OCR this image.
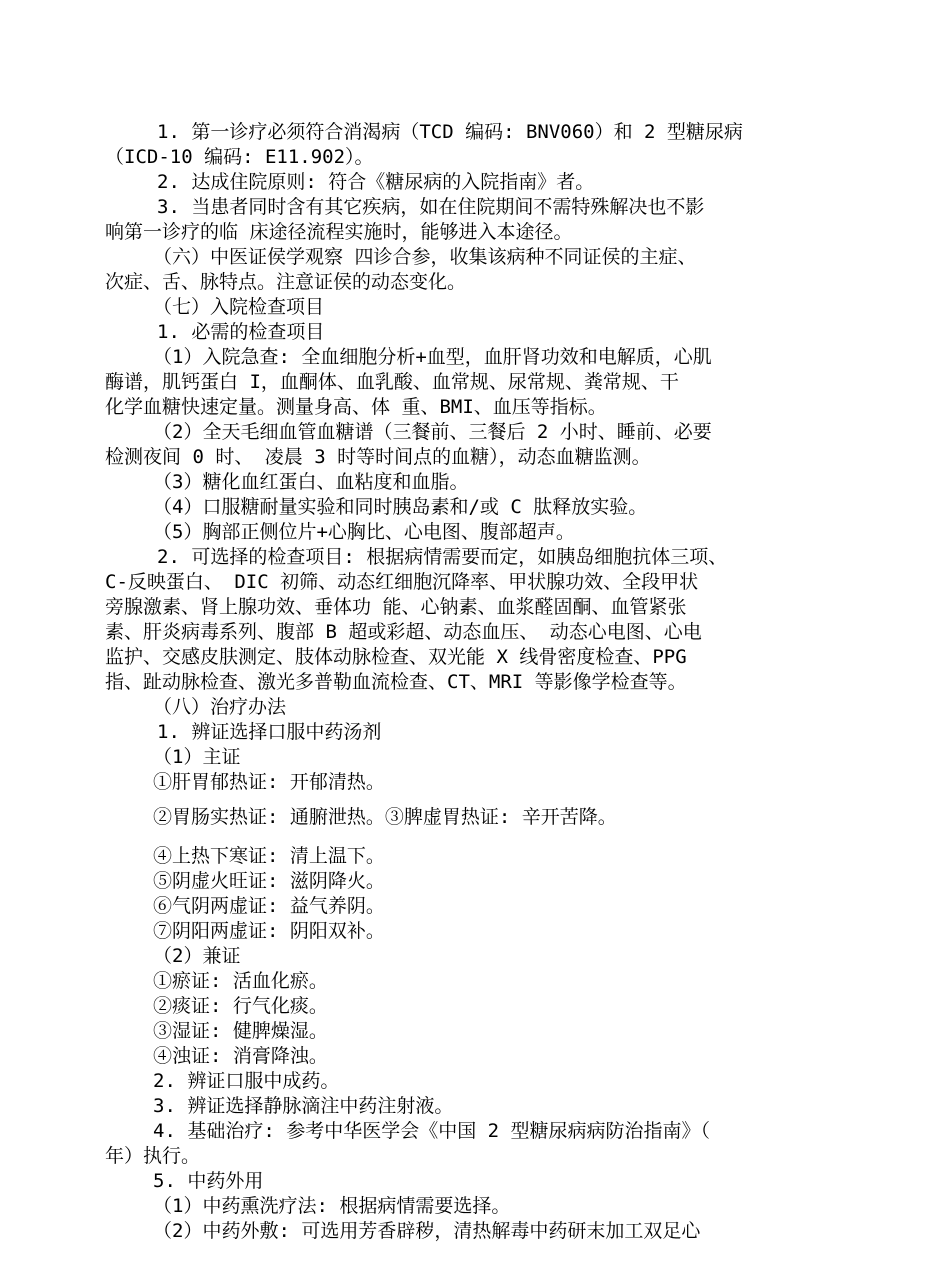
1. 第一诊疗必须符合消渴病（TCD 编码: BNV060）和 2 型糖尿病
（ICD-10 编码: E11.902）。
2. 达成住院原则: 符合《糖尿病的入院指南》者。
3. 当患者同时含有其它疾病，如在住院期间不需特殊解决也不影
响第一诊疗的临 床途径流程实施时，能够进入本途径。
（六）中医证侯学观察 四诊合参，收集该病种不同证侯的主症、
次症、舌、脉特点。注意证侯的动态变化。
（七）入院检查项目
1. 必需的检查项目
（1）入院急查: 全血细胞分析+血型，血肝肾功效和电解质，心肌
酶谱，肌钙蛋白 I，血酮体、血乳酸、血常规、尿常规、粪常规、干
化学血糖快速定量。测量身高、体 重、BMI、血压等指标。
（2）全天毛细血管血糖谱（三餐前、三餐后 2 小时、睡前、必要
检测夜间 0 时、 凌晨 3 时等时间点的血糖），动态血糖监测。
（3）糖化血红蛋白、血粘度和血脂。
（4）口服糖耐量实验和同时胰岛素和/或 C 肽释放实验。
（5）胸部正侧位片+心胸比、心电图、腹部超声。
2. 可选择的检查项目: 根据病情需要而定，如胰岛细胞抗体三项、
C-反映蛋白、 DIC 初筛、动态红细胞沉降率、甲状腺功效、全段甲状
旁腺激素、肾上腺功效、垂体功 能、心钠素、血浆醛固酮、血管紧张
素、肝炎病毒系列、腹部 B 超或彩超、动态血压、 动态心电图、心电
监护、交感皮肤测定、肢体动脉检查、双光能 X 线骨密度检查、PPG
指、趾动脉检查、激光多普勒血流检查、CT、MRI 等影像学检查等。
（八）治疗办法
1. 辨证选择口服中药汤剂
（1）主证
①肝胃郁热证: 开郁清热。
②胃肠实热证: 通腑泄热。③脾虚胃热证: 辛开苦降。
④上热下寒证: 清上温下。
⑤阴虚火旺证: 滋阴降火。
⑥气阴两虚证: 益气养阴。
⑦阴阳两虚证: 阴阳双补。
（2）兼证
①瘀证: 活血化瘀。
②痰证: 行气化痰。
③湿证: 健脾燥湿。
④浊证: 消膏降浊。
2. 辨证口服中成药。
3. 辨证选择静脉滴注中药注射液。
4. 基础治疗: 参考中华医学会《中国 2 型糖尿病病防治指南》（
年）执行。
5. 中药外用
（1）中药熏洗疗法: 根据病情需要选择。
（2）中药外敷: 可选用芳香辟秽，清热解毒中药研末加工双足心
